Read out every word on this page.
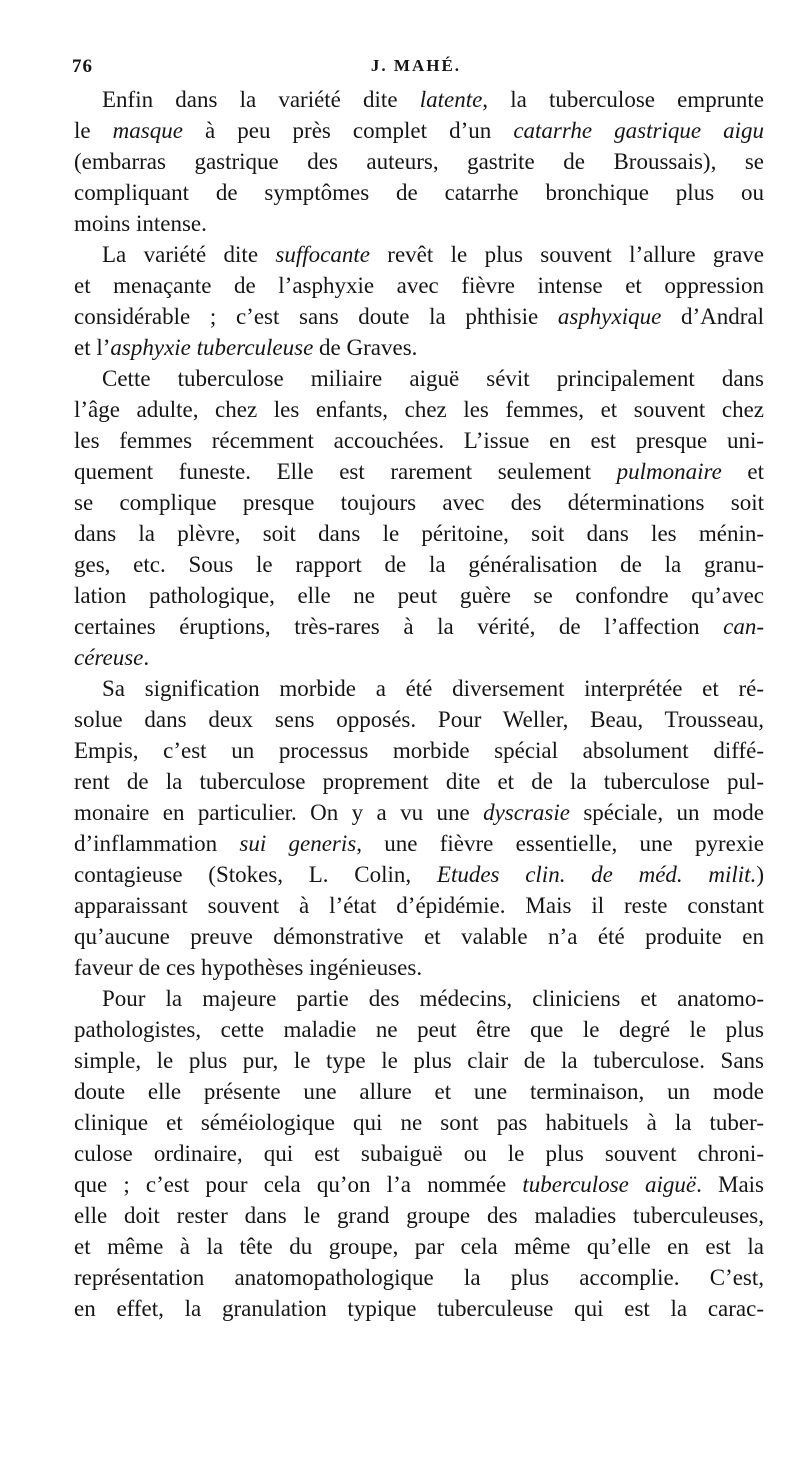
76	J. MAHÉ.
Enfin dans la variété dite latente, la tuberculose emprunte
le masque à peu près complet d’un catarrhe gastrique aigu
(embarras gastrique des auteurs, gastrite de Broussais), se
compliquant de symptômes de catarrhe bronchique plus ou
moins intense.
La variété dite suffocante revêt le plus souvent l’allure grave
et menaçante de l’asphyxie avec fièvre intense et oppression
considérable ; c’est sans doute la phthisie asphyxique d’Andral
et l’asphyxie tuberculeuse de Graves.
Cette tuberculose miliaire aiguë sévit principalement dans
l’âge adulte, chez les enfants, chez les femmes, et souvent chez
les femmes récemment accouchées. L’issue en est presque uni-
quement funeste. Elle est rarement seulement pulmonaire et
se complique presque toujours avec des déterminations soit
dans la plèvre, soit dans le péritoine, soit dans les ménin-
ges, etc. Sous le rapport de la généralisation de la granu-
lation pathologique, elle ne peut guère se confondre qu’avec
certaines éruptions, très-rares à la vérité, de l’affection can-
céreuse.
Sa signification morbide a été diversement interprétée et ré-
solue dans deux sens opposés. Pour Weller, Beau, Trousseau,
Empis, c’est un processus morbide spécial absolument diffé-
rent de la tuberculose proprement dite et de la tuberculose pul-
monaire en particulier. On y a vu une dyscrasie spéciale, un mode
d’inflammation sui generis, une fièvre essentielle, une pyrexie
contagieuse (Stokes, L. Colin, Etudes clin. de méd. milit.)
apparaissant souvent à l’état d’épidémie. Mais il reste constant
qu’aucune preuve démonstrative et valable n’a été produite en
faveur de ces hypothèses ingénieuses.
Pour la majeure partie des médecins, cliniciens et anatomo-
pathologistes, cette maladie ne peut être que le degré le plus
simple, le plus pur, le type le plus clair de la tuberculose. Sans
doute elle présente une allure et une terminaison, un mode
clinique et séméiologique qui ne sont pas habituels à la tuber-
culose ordinaire, qui est subaiguë ou le plus souvent chroni-
que ; c’est pour cela qu’on l’a nommée tuberculose aiguë. Mais
elle doit rester dans le grand groupe des maladies tuberculeuses,
et même à la tête du groupe, par cela même qu’elle en est la
représentation anatomopathologique la plus accomplie. C’est,
en effet, la granulation typique tuberculeuse qui est la carac-
